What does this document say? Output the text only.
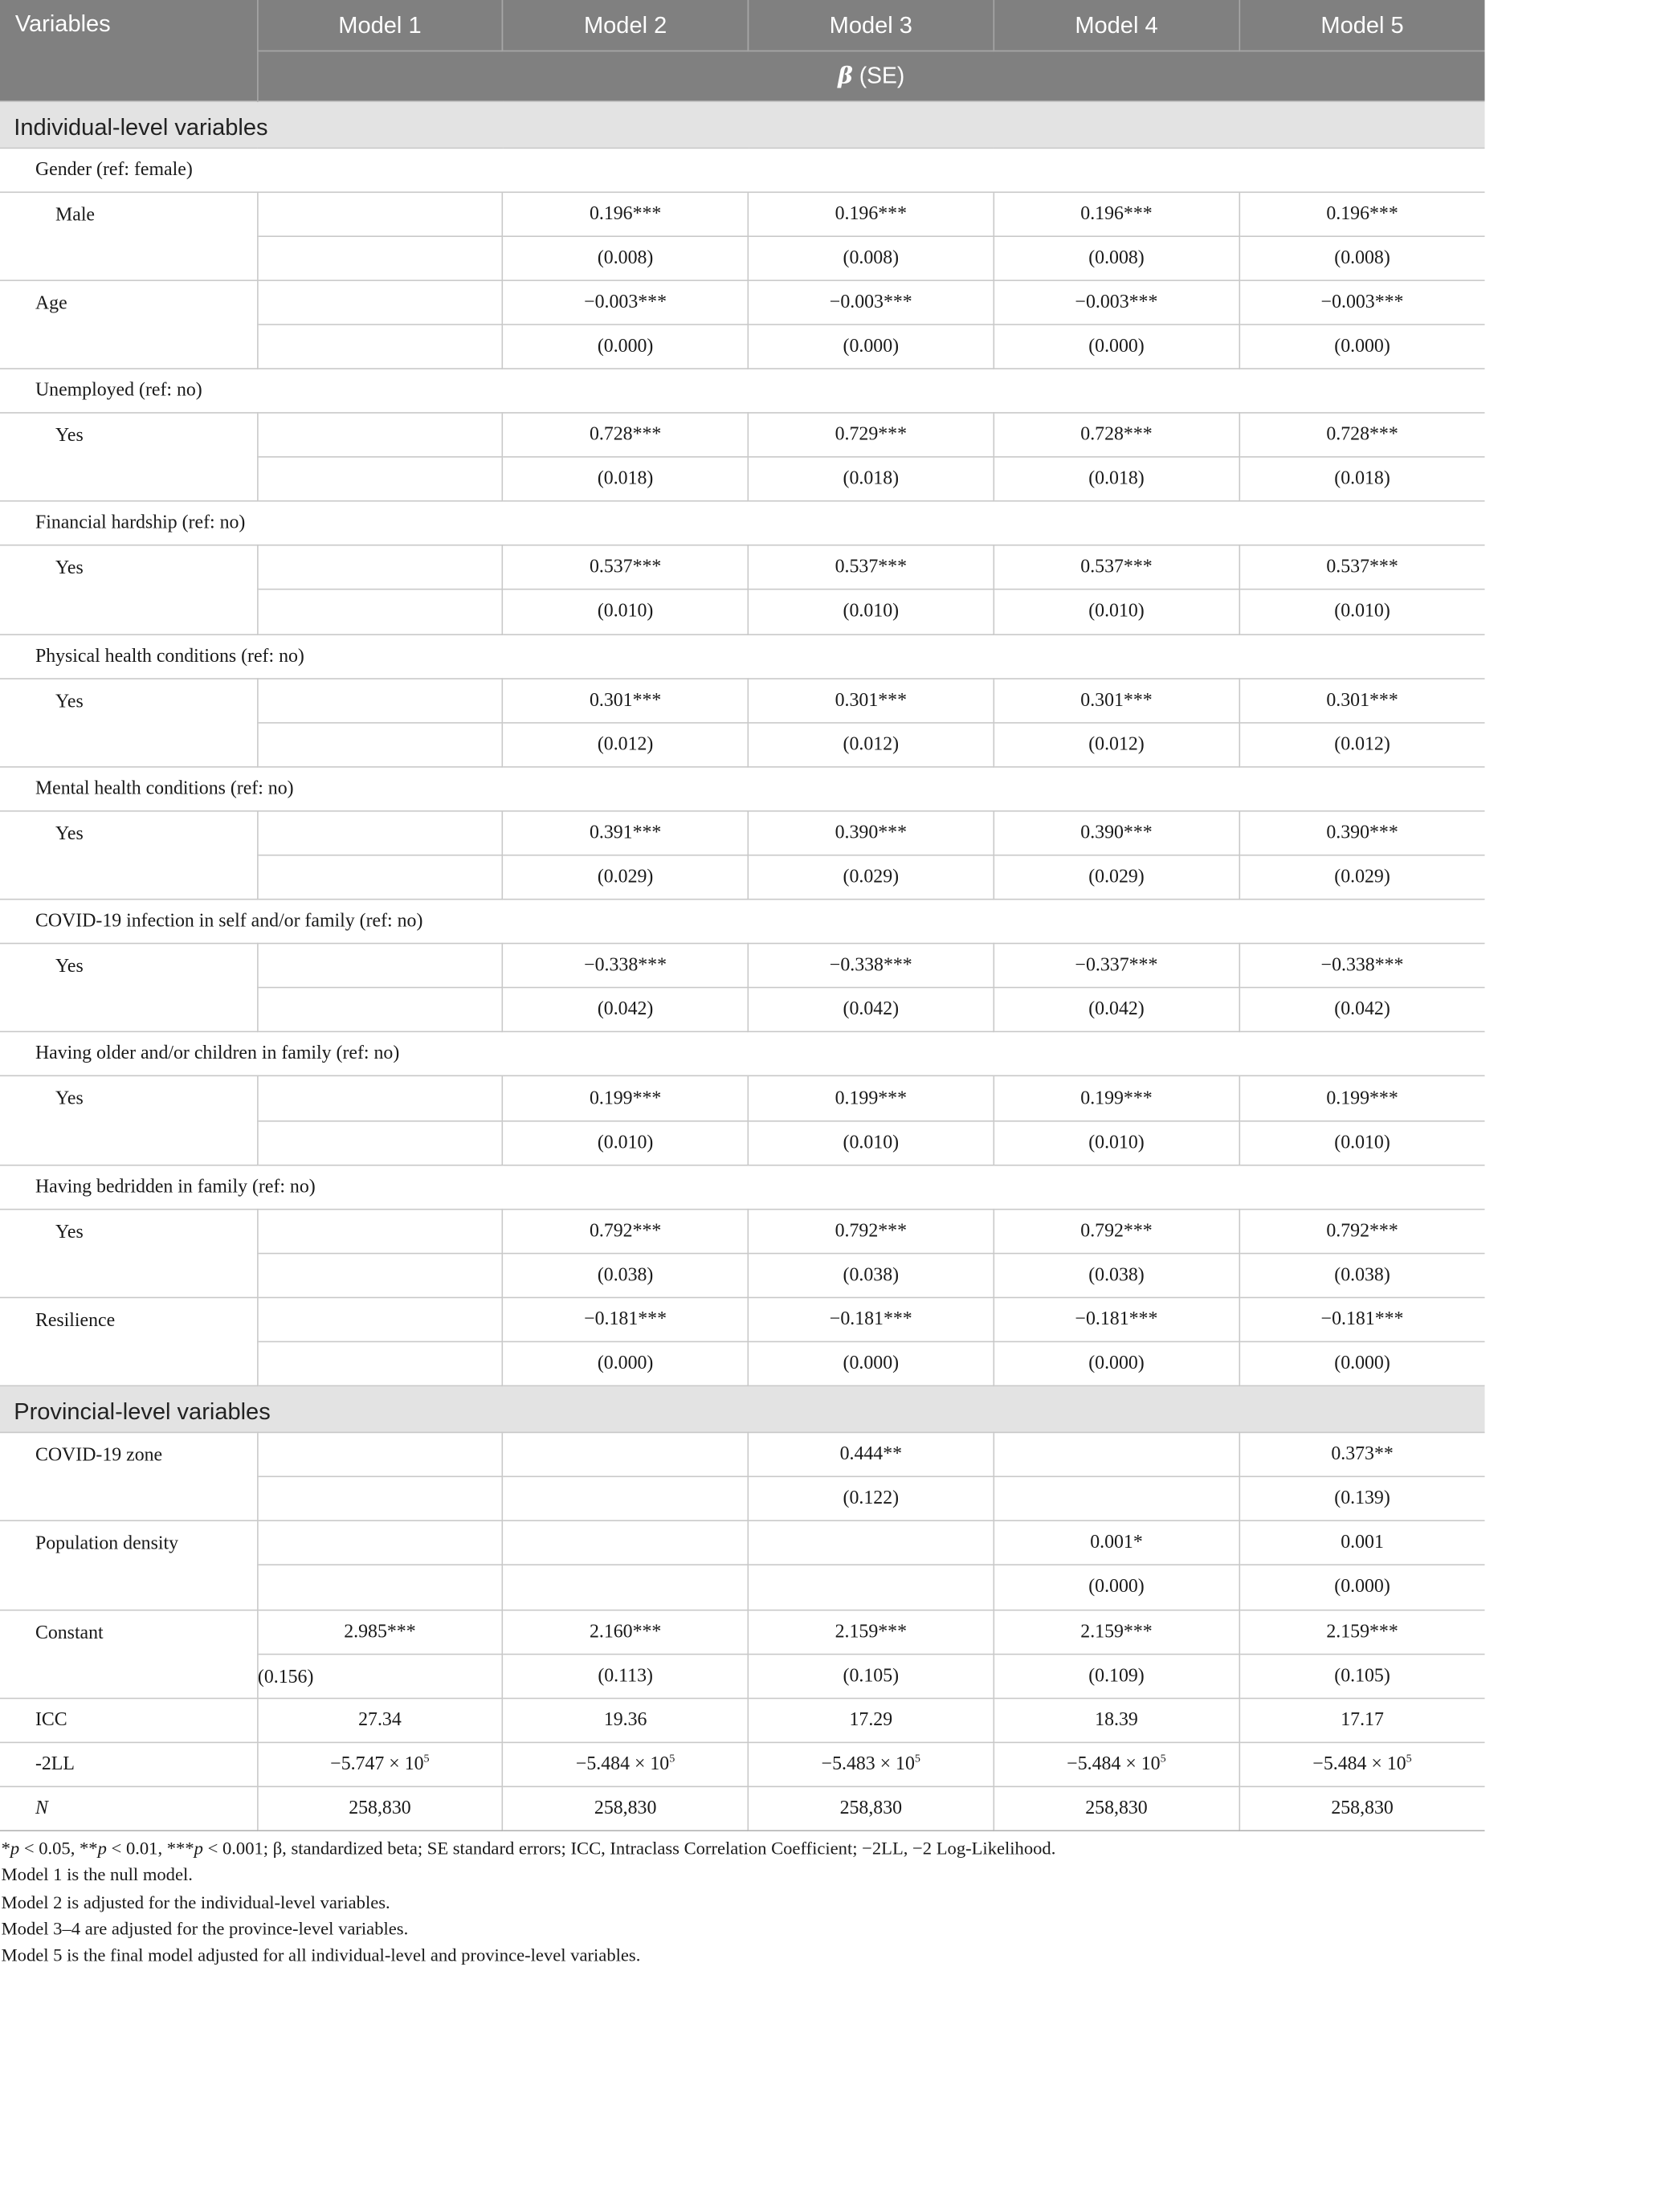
Variables	Model 1	Model 2	Model 3	Model 4	Model 5
	β (SE)				
Individual-level variables					
Gender (ref: female)					
Male		0.196***	0.196***	0.196***	0.196***
		(0.008)	(0.008)	(0.008)	(0.008)
Age		−0.003***	−0.003***	−0.003***	−0.003***
		(0.000)	(0.000)	(0.000)	(0.000)
Unemployed (ref: no)					
Yes		0.728***	0.729***	0.728***	0.728***
		(0.018)	(0.018)	(0.018)	(0.018)
Financial hardship (ref: no)					
Yes		0.537***	0.537***	0.537***	0.537***
		(0.010)	(0.010)	(0.010)	(0.010)
Physical health conditions (ref: no)					
Yes		0.301***	0.301***	0.301***	0.301***
		(0.012)	(0.012)	(0.012)	(0.012)
Mental health conditions (ref: no)					
Yes		0.391***	0.390***	0.390***	0.390***
		(0.029)	(0.029)	(0.029)	(0.029)
COVID-19 infection in self and/or family (ref: no)					
Yes		−0.338***	−0.338***	−0.337***	−0.338***
		(0.042)	(0.042)	(0.042)	(0.042)
Having older and/or children in family (ref: no)					
Yes		0.199***	0.199***	0.199***	0.199***
		(0.010)	(0.010)	(0.010)	(0.010)
Having bedridden in family (ref: no)					
Yes		0.792***	0.792***	0.792***	0.792***
		(0.038)	(0.038)	(0.038)	(0.038)
Resilience		−0.181***	−0.181***	−0.181***	−0.181***
		(0.000)	(0.000)	(0.000)	(0.000)
Provincial-level variables					
COVID-19 zone			0.444**		0.373**
			(0.122)		(0.139)
Population density				0.001*	0.001
				(0.000)	(0.000)
Constant	2.985***	2.160***	2.159***	2.159***	2.159***
	(0.156)	(0.113)	(0.105)	(0.109)	(0.105)
ICC	27.34	19.36	17.29	18.39	17.17
-2LL	$-5.747 \times 10^5$	$-5.484 \times 10^5$	$-5.483 \times 10^5$	$-5.484 \times 10^5$	$-5.484 \times 10^5$
N	258,830	258,830	258,830	258,830	258,830
*p < 0.05, **p < 0.01, ***p < 0.001; β, standardized beta; SE standard errors; ICC, Intraclass Correlation Coefficient; −2LL, −2 Log-Likelihood.
Model 1 is the null model.
Model 2 is adjusted for the individual-level variables.
Model 3–4 are adjusted for the province-level variables.
Model 5 is the final model adjusted for all individual-level and province-level variables.
